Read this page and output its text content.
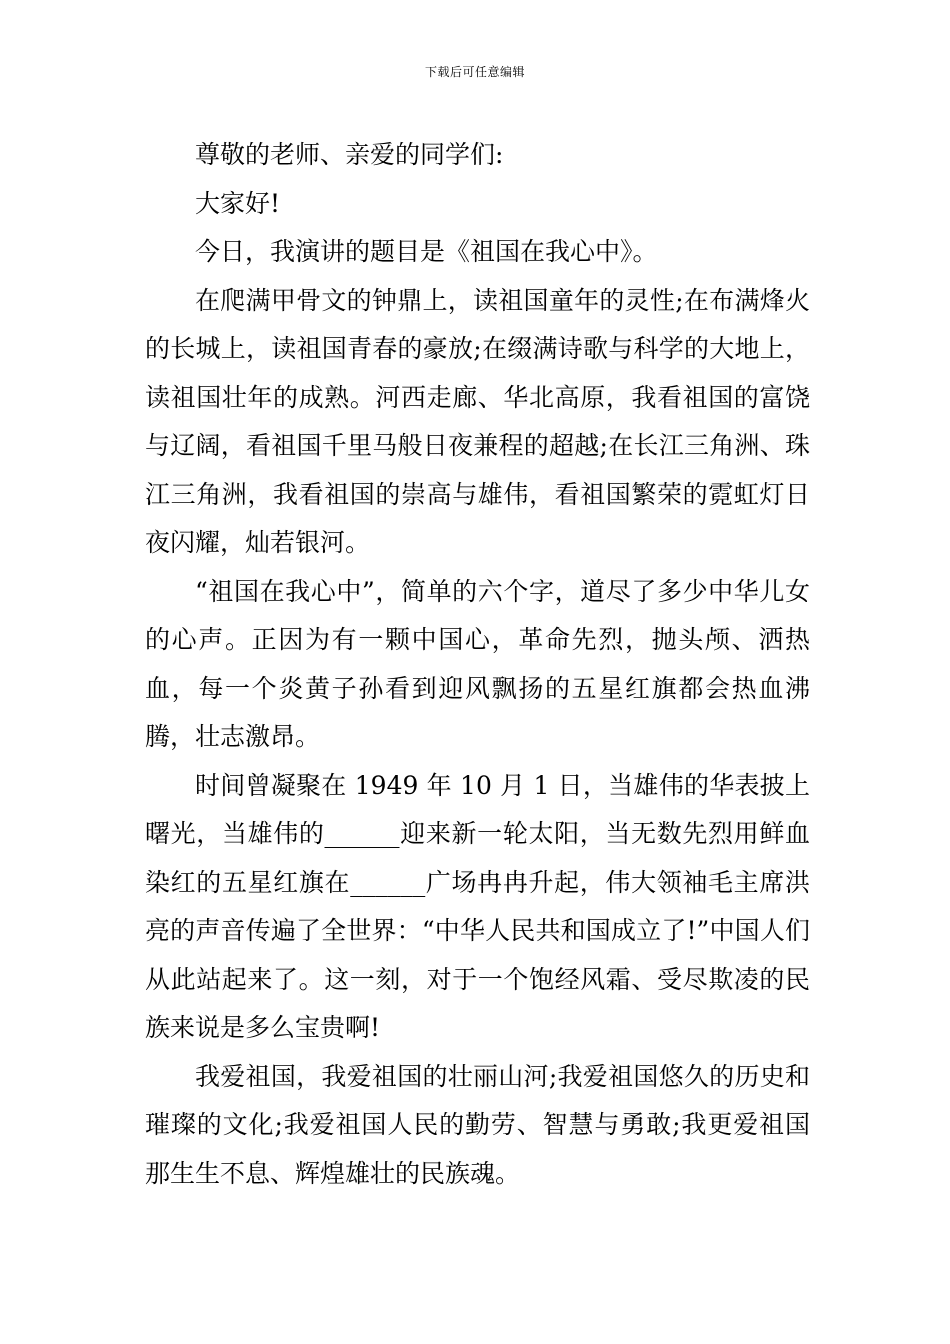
下载后可任意编辑

尊敬的老师、亲爱的同学们:

大家好!

今日，我演讲的题目是《祖国在我心中》。

在爬满甲骨文的钟鼎上，读祖国童年的灵性;在布满烽火的长城上，读祖国青春的豪放;在缀满诗歌与科学的大地上，读祖国壮年的成熟。河西走廊、华北高原，我看祖国的富饶与辽阔，看祖国千里马般日夜兼程的超越;在长江三角洲、珠江三角洲，我看祖国的崇高与雄伟，看祖国繁荣的霓虹灯日夜闪耀，灿若银河。

“祖国在我心中”，简单的六个字，道尽了多少中华儿女的心声。正因为有一颗中国心，革命先烈，抛头颅、洒热血，每一个炎黄子孙看到迎风飘扬的五星红旗都会热血沸腾，壮志激昂。

时间曾凝聚在 1949 年 10 月 1 日，当雄伟的华表披上曙光，当雄伟的______迎来新一轮太阳，当无数先烈用鲜血染红的五星红旗在______广场冉冉升起，伟大领袖毛主席洪亮的声音传遍了全世界：“中华人民共和国成立了!”中国人们从此站起来了。这一刻，对于一个饱经风霜、受尽欺凌的民族来说是多么宝贵啊!

我爱祖国，我爱祖国的壮丽山河;我爱祖国悠久的历史和璀璨的文化;我爱祖国人民的勤劳、智慧与勇敢;我更爱祖国那生生不息、辉煌雄壮的民族魂。
